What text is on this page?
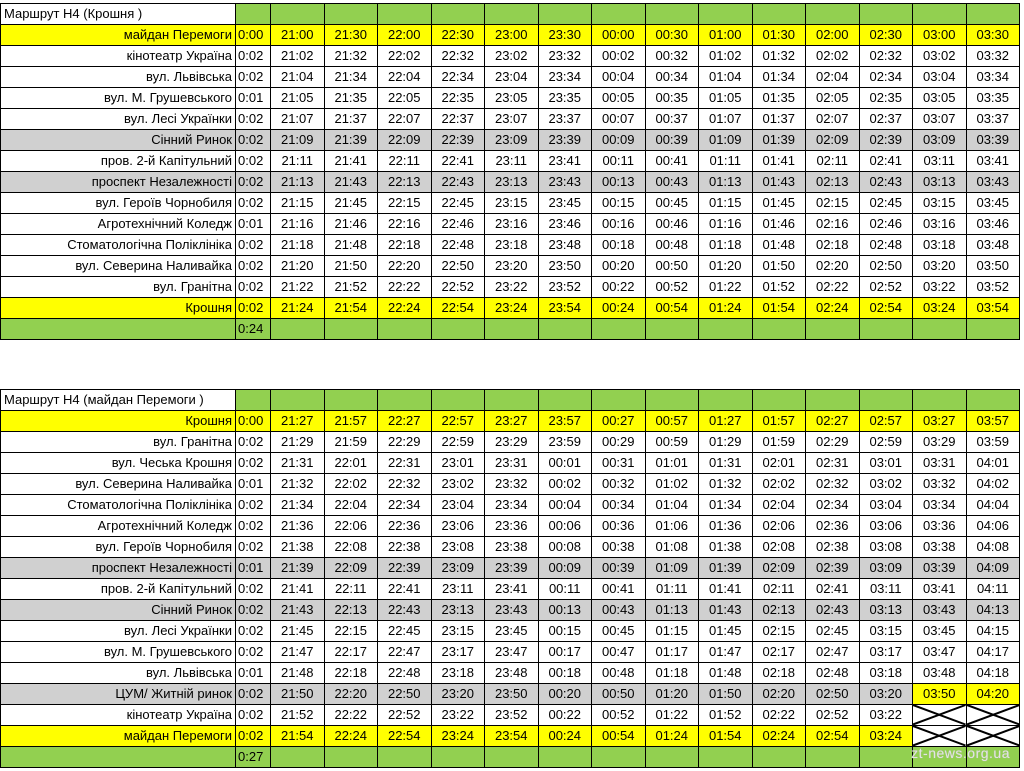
Маршрут Н4 (Крошня )															
майдан Перемоги	0:00	21:00	21:30	22:00	22:30	23:00	23:30	00:00	00:30	01:00	01:30	02:00	02:30	03:00	03:30
кінотеатр Україна	0:02	21:02	21:32	22:02	22:32	23:02	23:32	00:02	00:32	01:02	01:32	02:02	02:32	03:02	03:32
вул. Львівська	0:02	21:04	21:34	22:04	22:34	23:04	23:34	00:04	00:34	01:04	01:34	02:04	02:34	03:04	03:34
вул. М. Грушевського	0:01	21:05	21:35	22:05	22:35	23:05	23:35	00:05	00:35	01:05	01:35	02:05	02:35	03:05	03:35
вул. Лесі Українки	0:02	21:07	21:37	22:07	22:37	23:07	23:37	00:07	00:37	01:07	01:37	02:07	02:37	03:07	03:37
Сінний Ринок	0:02	21:09	21:39	22:09	22:39	23:09	23:39	00:09	00:39	01:09	01:39	02:09	02:39	03:09	03:39
пров. 2-й Капітульний	0:02	21:11	21:41	22:11	22:41	23:11	23:41	00:11	00:41	01:11	01:41	02:11	02:41	03:11	03:41
проспект Незалежності	0:02	21:13	21:43	22:13	22:43	23:13	23:43	00:13	00:43	01:13	01:43	02:13	02:43	03:13	03:43
вул. Героїв Чорнобиля	0:02	21:15	21:45	22:15	22:45	23:15	23:45	00:15	00:45	01:15	01:45	02:15	02:45	03:15	03:45
Агротехнічний Коледж	0:01	21:16	21:46	22:16	22:46	23:16	23:46	00:16	00:46	01:16	01:46	02:16	02:46	03:16	03:46
Стоматологічна Поліклініка	0:02	21:18	21:48	22:18	22:48	23:18	23:48	00:18	00:48	01:18	01:48	02:18	02:48	03:18	03:48
вул. Северина Наливайка	0:02	21:20	21:50	22:20	22:50	23:20	23:50	00:20	00:50	01:20	01:50	02:20	02:50	03:20	03:50
вул. Гранітна	0:02	21:22	21:52	22:22	22:52	23:22	23:52	00:22	00:52	01:22	01:52	02:22	02:52	03:22	03:52
Крошня	0:02	21:24	21:54	22:24	22:54	23:24	23:54	00:24	00:54	01:24	01:54	02:24	02:54	03:24	03:54
	0:24														
Маршрут Н4 (майдан Перемоги )															
Крошня	0:00	21:27	21:57	22:27	22:57	23:27	23:57	00:27	00:57	01:27	01:57	02:27	02:57	03:27	03:57
вул. Гранітна	0:02	21:29	21:59	22:29	22:59	23:29	23:59	00:29	00:59	01:29	01:59	02:29	02:59	03:29	03:59
вул. Чеська Крошня	0:02	21:31	22:01	22:31	23:01	23:31	00:01	00:31	01:01	01:31	02:01	02:31	03:01	03:31	04:01
вул. Северина Наливайка	0:01	21:32	22:02	22:32	23:02	23:32	00:02	00:32	01:02	01:32	02:02	02:32	03:02	03:32	04:02
Стоматологічна Поліклініка	0:02	21:34	22:04	22:34	23:04	23:34	00:04	00:34	01:04	01:34	02:04	02:34	03:04	03:34	04:04
Агротехнічний Коледж	0:02	21:36	22:06	22:36	23:06	23:36	00:06	00:36	01:06	01:36	02:06	02:36	03:06	03:36	04:06
вул. Героїв Чорнобиля	0:02	21:38	22:08	22:38	23:08	23:38	00:08	00:38	01:08	01:38	02:08	02:38	03:08	03:38	04:08
проспект Незалежності	0:01	21:39	22:09	22:39	23:09	23:39	00:09	00:39	01:09	01:39	02:09	02:39	03:09	03:39	04:09
пров. 2-й Капітульний	0:02	21:41	22:11	22:41	23:11	23:41	00:11	00:41	01:11	01:41	02:11	02:41	03:11	03:41	04:11
Сінний Ринок	0:02	21:43	22:13	22:43	23:13	23:43	00:13	00:43	01:13	01:43	02:13	02:43	03:13	03:43	04:13
вул. Лесі Українки	0:02	21:45	22:15	22:45	23:15	23:45	00:15	00:45	01:15	01:45	02:15	02:45	03:15	03:45	04:15
вул. М. Грушевського	0:02	21:47	22:17	22:47	23:17	23:47	00:17	00:47	01:17	01:47	02:17	02:47	03:17	03:47	04:17
вул. Львівська	0:01	21:48	22:18	22:48	23:18	23:48	00:18	00:48	01:18	01:48	02:18	02:48	03:18	03:48	04:18
ЦУМ/ Житній ринок	0:02	21:50	22:20	22:50	23:20	23:50	00:20	00:50	01:20	01:50	02:20	02:50	03:20	03:50	04:20
кінотеатр Україна	0:02	21:52	22:22	22:52	23:22	23:52	00:22	00:52	01:22	01:52	02:22	02:52	03:22	

майдан Перемоги	0:02	21:54	22:24	22:54	23:24	23:54	00:24	00:54	01:24	01:54	02:24	02:54	03:24	

	0:27															zt-news.org.ua
